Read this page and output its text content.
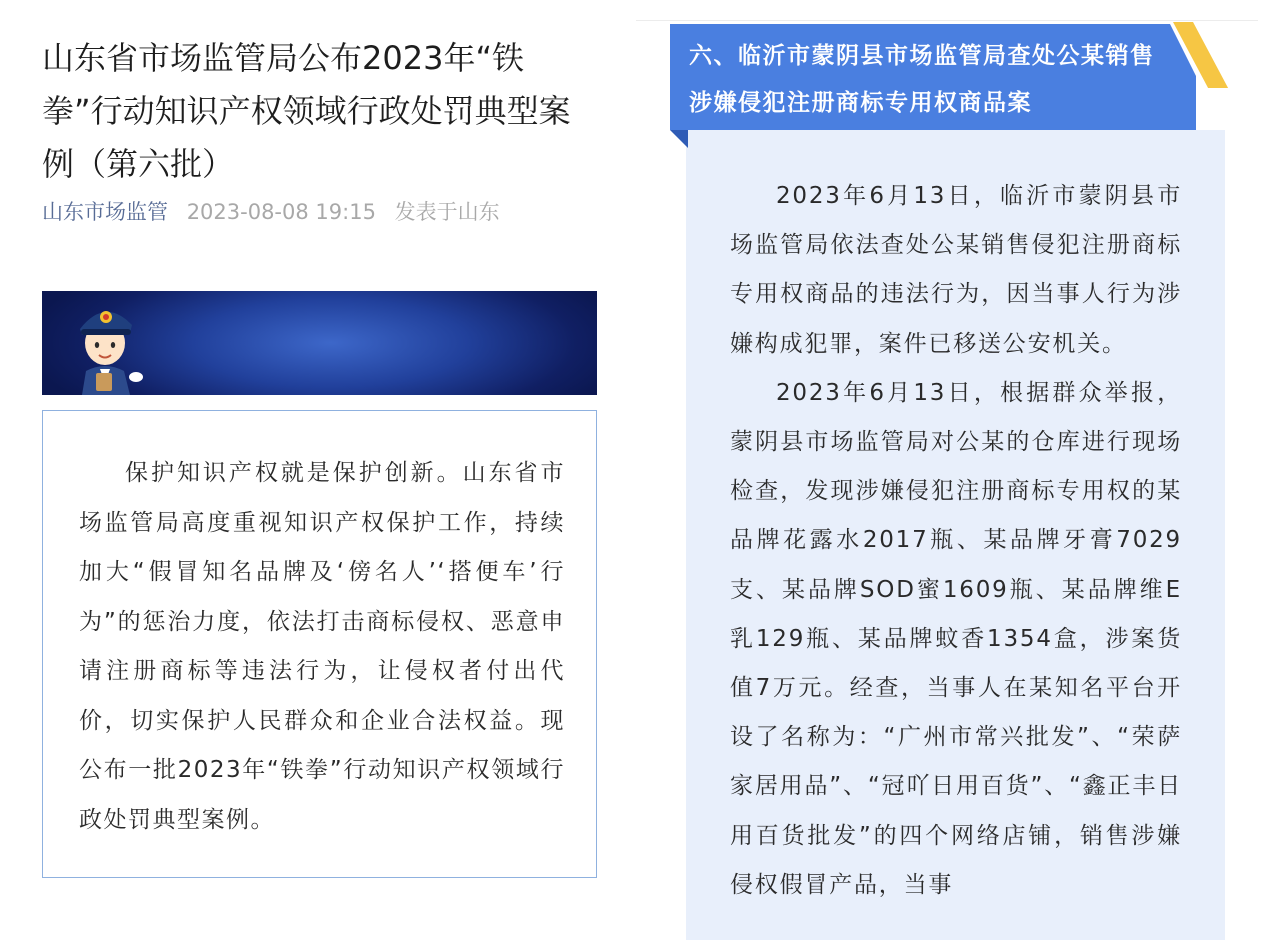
山东省市场监管局公布2023年“铁拳”行动知识产权领域行政处罚典型案例（第六批）
山东市场监管 2023-08-08 19:15 发表于山东

保护知识产权就是保护创新。山东省市场监管局高度重视知识产权保护工作，持续加大“假冒知名品牌及‘傍名人’‘搭便车’行为”的惩治力度，依法打击商标侵权、恶意申请注册商标等违法行为，让侵权者付出代价，切实保护人民群众和企业合法权益。现公布一批2023年“铁拳”行动知识产权领域行政处罚典型案例。

六、临沂市蒙阴县市场监管局查处公某销售涉嫌侵犯注册商标专用权商品案

2023年6月13日，临沂市蒙阴县市场监管局依法查处公某销售侵犯注册商标专用权商品的违法行为，因当事人行为涉嫌构成犯罪，案件已移送公安机关。

2023年6月13日，根据群众举报，蒙阴县市场监管局对公某的仓库进行现场检查，发现涉嫌侵犯注册商标专用权的某品牌花露水2017瓶、某品牌牙膏7029支、某品牌SOD蜜1609瓶、某品牌维E乳129瓶、某品牌蚊香1354盒，涉案货值7万元。经查，当事人在某知名平台开设了名称为：“广州市常兴批发”、“荣萨家居用品”、“冠吖日用百货”、“鑫正丰日用百货批发”的四个网络店铺，销售涉嫌侵权假冒产品，当事
